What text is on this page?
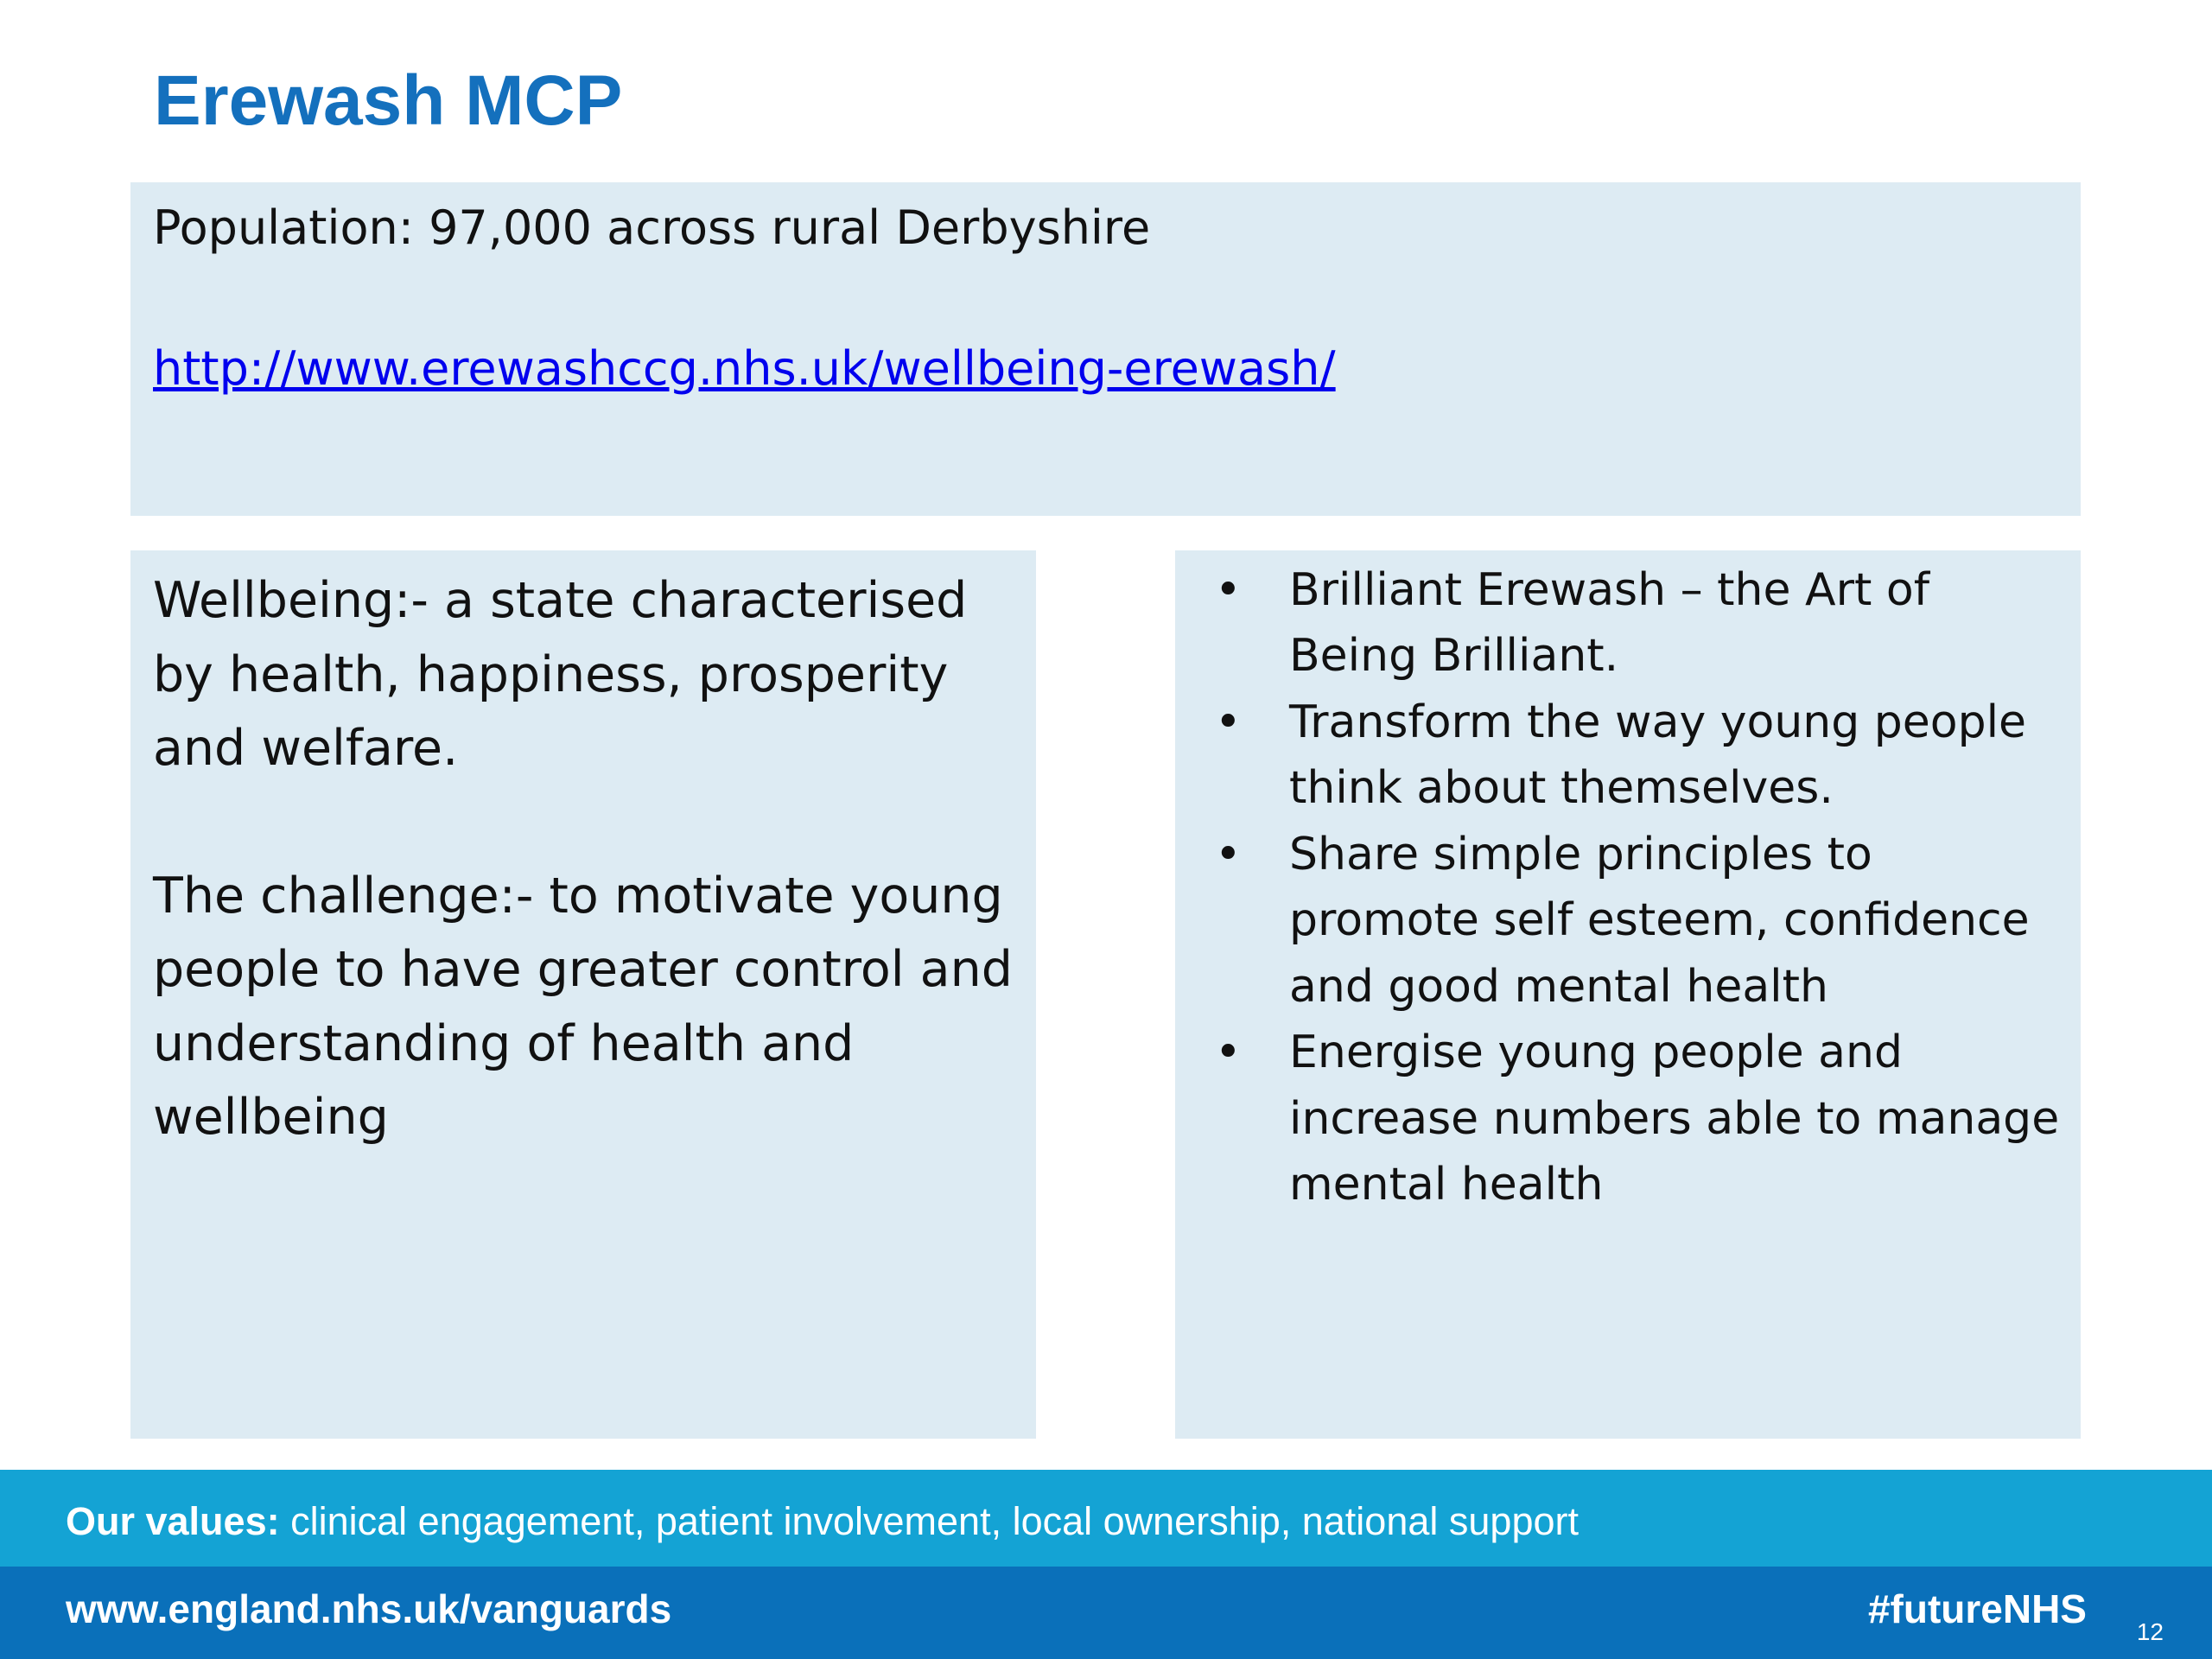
Erewash MCP

Population: 97,000 across rural Derbyshire

http://www.erewashccg.nhs.uk/wellbeing-erewash/

Wellbeing:- a state characterised by health, happiness, prosperity and welfare.

The challenge:- to motivate young people to have greater control and understanding of health and wellbeing

• Brilliant Erewash – the Art of Being Brilliant.
• Transform the way young people think about themselves.
• Share simple principles to promote self esteem, confidence and good mental health
• Energise young people and increase numbers able to manage mental health
Our values: clinical engagement, patient involvement, local ownership, national support
www.england.nhs.uk/vanguards	#futureNHS
12
